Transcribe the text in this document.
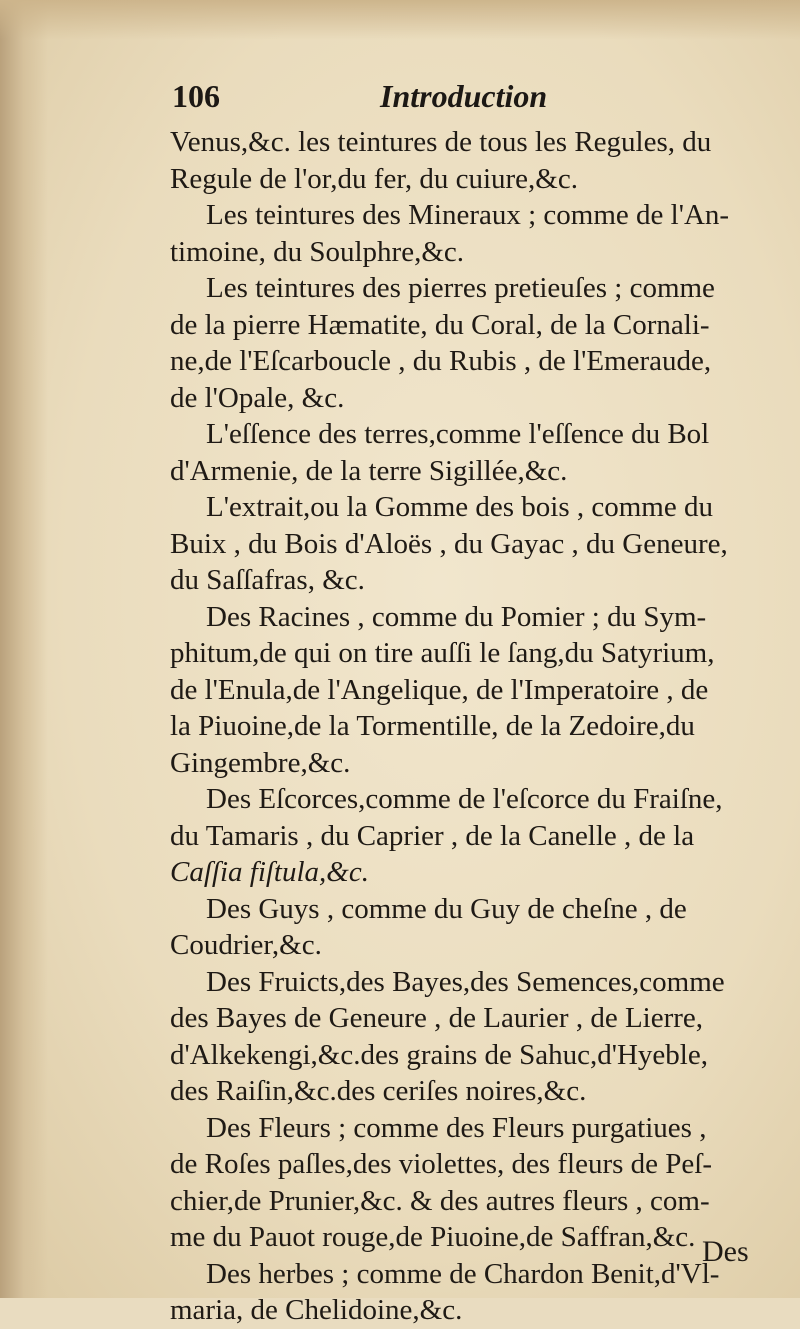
106	Introduction
Venus,&c. les teintures de tous les Regules, du
Regule de l'or,du fer, du cuiure,&c.
Les teintures des Mineraux ; comme de l'An-
timoine, du Soulphre,&c.
Les teintures des pierres pretieuſes ; comme
de la pierre Hæmatite, du Coral, de la Cornali-
ne,de l'Eſcarboucle , du Rubis , de l'Emeraude,
de l'Opale, &c.
L'eſſence des terres,comme l'eſſence du Bol
d'Armenie, de la terre Sigillée,&c.
L'extrait,ou la Gomme des bois , comme du
Buix , du Bois d'Aloës , du Gayac , du Geneure,
du Saſſafras, &c.
Des Racines , comme du Pomier ; du Sym-
phitum,de qui on tire auſſi le ſang,du Satyrium,
de l'Enula,de l'Angelique, de l'Imperatoire , de
la Piuoine,de la Tormentille, de la Zedoire,du
Gingembre,&c.
Des Eſcorces,comme de l'eſcorce du Fraiſne,
du Tamaris , du Caprier , de la Canelle , de la
Caſſia fiſtula,&c.
Des Guys , comme du Guy de cheſne , de
Coudrier,&c.
Des Fruicts,des Bayes,des Semences,comme
des Bayes de Geneure , de Laurier , de Lierre,
d'Alkekengi,&c.des grains de Sahuc,d'Hyeble,
des Raiſin,&c.des ceriſes noires,&c.
Des Fleurs ; comme des Fleurs purgatiues ,
de Roſes paſles,des violettes, des fleurs de Peſ-
chier,de Prunier,&c. & des autres fleurs , com-
me du Pauot rouge,de Piuoine,de Saffran,&c.
Des herbes ; comme de Chardon Benit,d'Vl-
maria, de Chelidoine,&c.
Des
